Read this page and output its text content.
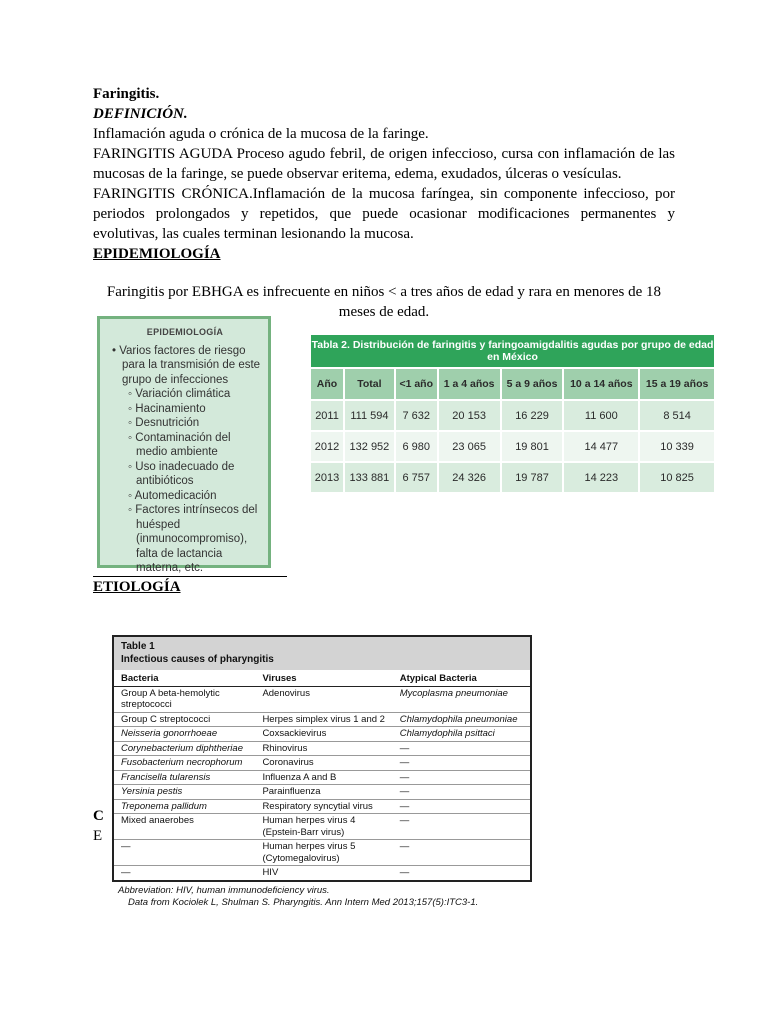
Faringitis.

DEFINICIÓN.

Inflamación aguda o crónica de la mucosa de la faringe.

FARINGITIS AGUDA Proceso agudo febril, de origen infeccioso, cursa con inflamación de las mucosas de la faringe, se puede observar eritema, edema, exudados, úlceras o vesículas.

FARINGITIS CRÓNICA.Inflamación de la mucosa faríngea, sin componente infeccioso, por periodos prolongados y repetidos, que puede ocasionar modificaciones permanentes y evolutivas, las cuales terminan lesionando la mucosa.

EPIDEMIOLOGÍA

Faringitis por EBHGA es infrecuente en niños < a tres años de edad y rara en menores de 18 meses de edad.

EPIDEMIOLOGÍA
• Varios factores de riesgo para la transmisión de este grupo de infecciones
◦ Variación climática
◦ Hacinamiento
◦ Desnutrición
◦ Contaminación del medio ambiente
◦ Uso inadecuado de antibióticos
◦ Automedicación
◦ Factores intrínsecos del huésped (inmunocompromiso), falta de lactancia materna, etc.
Tabla 2. Distribución de faringitis y faringoamigdalitis agudas por grupo de edad en México						
Año	Total	<1 año	1 a 4 años	5 a 9 años	10 a 14 años	15 a 19 años
2011	111 594	7 632	20 153	16 229	11 600	8 514
2012	132 952	6 980	23 065	19 801	14 477	10 339
2013	133 881	6 757	24 326	19 787	14 223	10 825
ETIOLOGÍA
C
E
Table 1
Infectious causes of pharyngitis
Bacteria	Viruses	Atypical Bacteria
Group A beta-hemolytic streptococci	Adenovirus	Mycoplasma pneumoniae
Group C streptococci	Herpes simplex virus 1 and 2	Chlamydophila pneumoniae
Neisseria gonorrhoeae	Coxsackievirus	Chlamydophila psittaci
Corynebacterium diphtheriae	Rhinovirus	—
Fusobacterium necrophorum	Coronavirus	—
Francisella tularensis	Influenza A and B	—
Yersinia pestis	Parainfluenza	—
Treponema pallidum	Respiratory syncytial virus	—
Mixed anaerobes	Human herpes virus 4 (Epstein-Barr virus)	—
—	Human herpes virus 5 (Cytomegalovirus)	—
—	HIV	—
Abbreviation: HIV, human immunodeficiency virus.
Data from Kociolek L, Shulman S. Pharyngitis. Ann Intern Med 2013;157(5):ITC3-1.
